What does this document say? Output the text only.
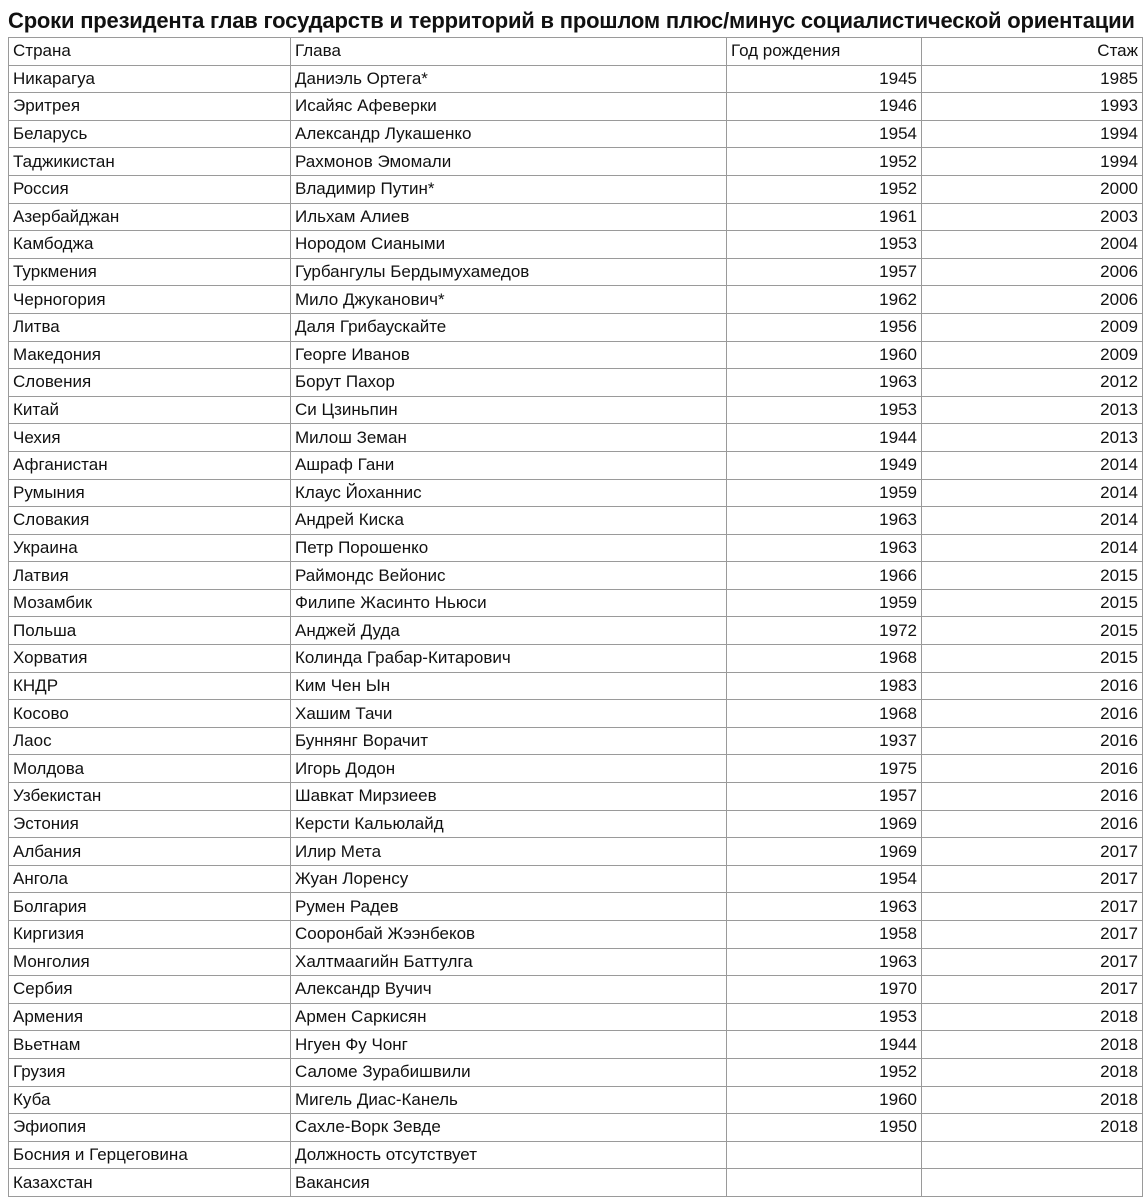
Сроки президента глав государств и территорий в прошлом плюс/минус социалистической ориентации
Страна	Глава	Год рождения	Стаж
Никарагуа	Даниэль Ортега*	1945	1985
Эритрея	Исайяс Афеверки	1946	1993
Беларусь	Александр Лукашенко	1954	1994
Таджикистан	Рахмонов Эмомали	1952	1994
Россия	Владимир Путин*	1952	2000
Азербайджан	Ильхам Алиев	1961	2003
Камбоджа	Нородом Сиаными	1953	2004
Туркмения	Гурбангулы Бердымухамедов	1957	2006
Черногория	Мило Джуканович*	1962	2006
Литва	Даля Грибаускайте	1956	2009
Македония	Георге Иванов	1960	2009
Словения	Борут Пахор	1963	2012
Китай	Си Цзиньпин	1953	2013
Чехия	Милош Земан	1944	2013
Афганистан	Ашраф Гани	1949	2014
Румыния	Клаус Йоханнис	1959	2014
Словакия	Андрей Киска	1963	2014
Украина	Петр Порошенко	1963	2014
Латвия	Раймондс Вейонис	1966	2015
Мозамбик	Филипе Жасинто Ньюси	1959	2015
Польша	Анджей Дуда	1972	2015
Хорватия	Колинда Грабар-Китарович	1968	2015
КНДР	Ким Чен Ын	1983	2016
Косово	Хашим Тачи	1968	2016
Лаос	Буннянг Ворачит	1937	2016
Молдова	Игорь Додон	1975	2016
Узбекистан	Шавкат Мирзиеев	1957	2016
Эстония	Керсти Кальюлайд	1969	2016
Албания	Илир Мета	1969	2017
Ангола	Жуан Лоренсу	1954	2017
Болгария	Румен Радев	1963	2017
Киргизия	Сооронбай Жээнбеков	1958	2017
Монголия	Халтмаагийн Баттулга	1963	2017
Сербия	Александр Вучич	1970	2017
Армения	Армен Саркисян	1953	2018
Вьетнам	Нгуен Фу Чонг	1944	2018
Грузия	Саломе Зурабишвили	1952	2018
Куба	Мигель Диас-Канель	1960	2018
Эфиопия	Сахле-Ворк Зевде	1950	2018
Босния и Герцеговина	Должность отсутствует		
Казахстан	Вакансия		
